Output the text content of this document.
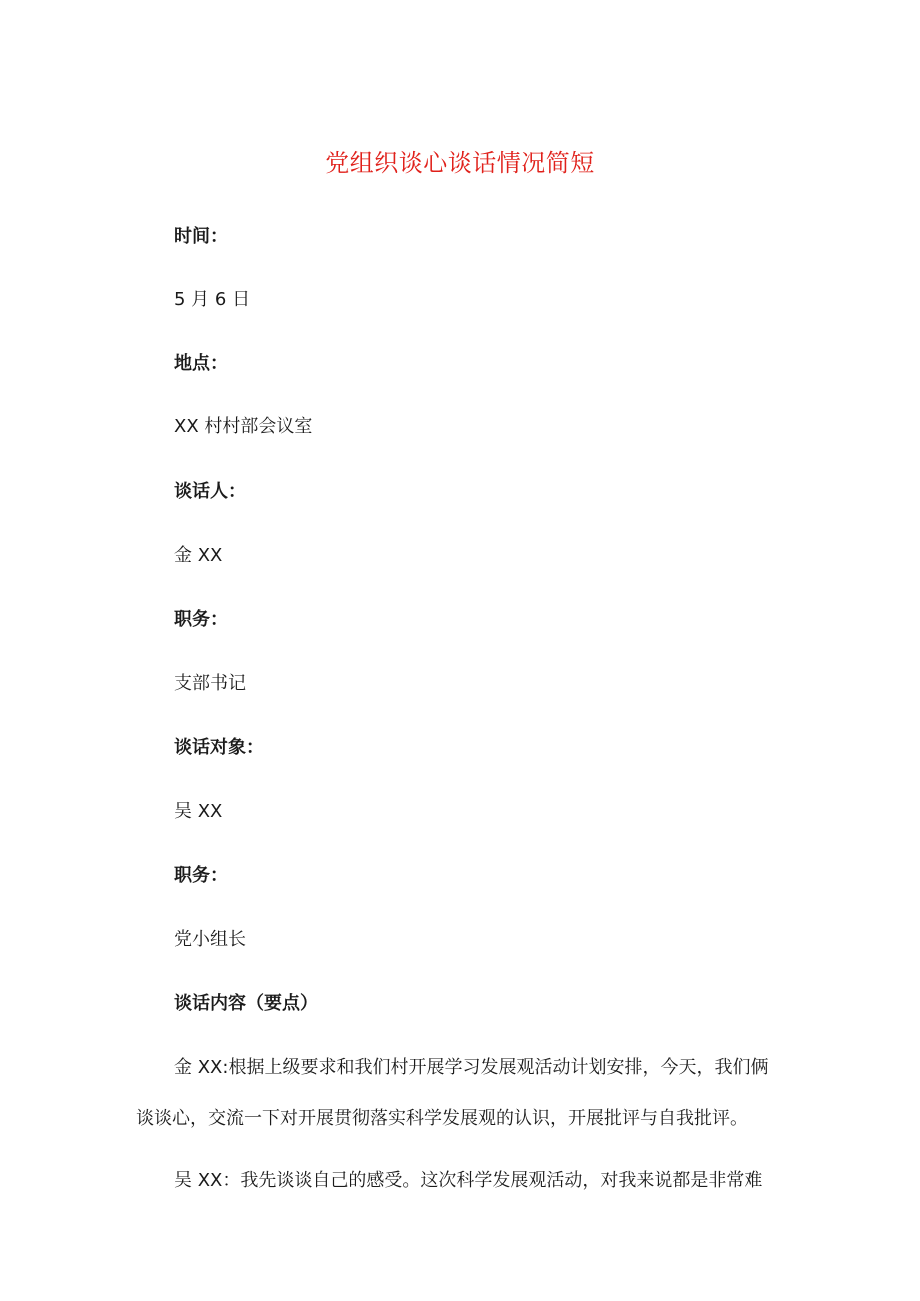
党组织谈心谈话情况简短
时间：
5 月 6 日
地点：
XX 村村部会议室
谈话人：
金 XX
职务：
支部书记
谈话对象：
吴 XX
职务：
党小组长
谈话内容（要点）
金 XX:根据上级要求和我们村开展学习发展观活动计划安排，今天，我们俩
谈谈心，交流一下对开展贯彻落实科学发展观的认识，开展批评与自我批评。
吴 XX：我先谈谈自己的感受。这次科学发展观活动，对我来说都是非常难
